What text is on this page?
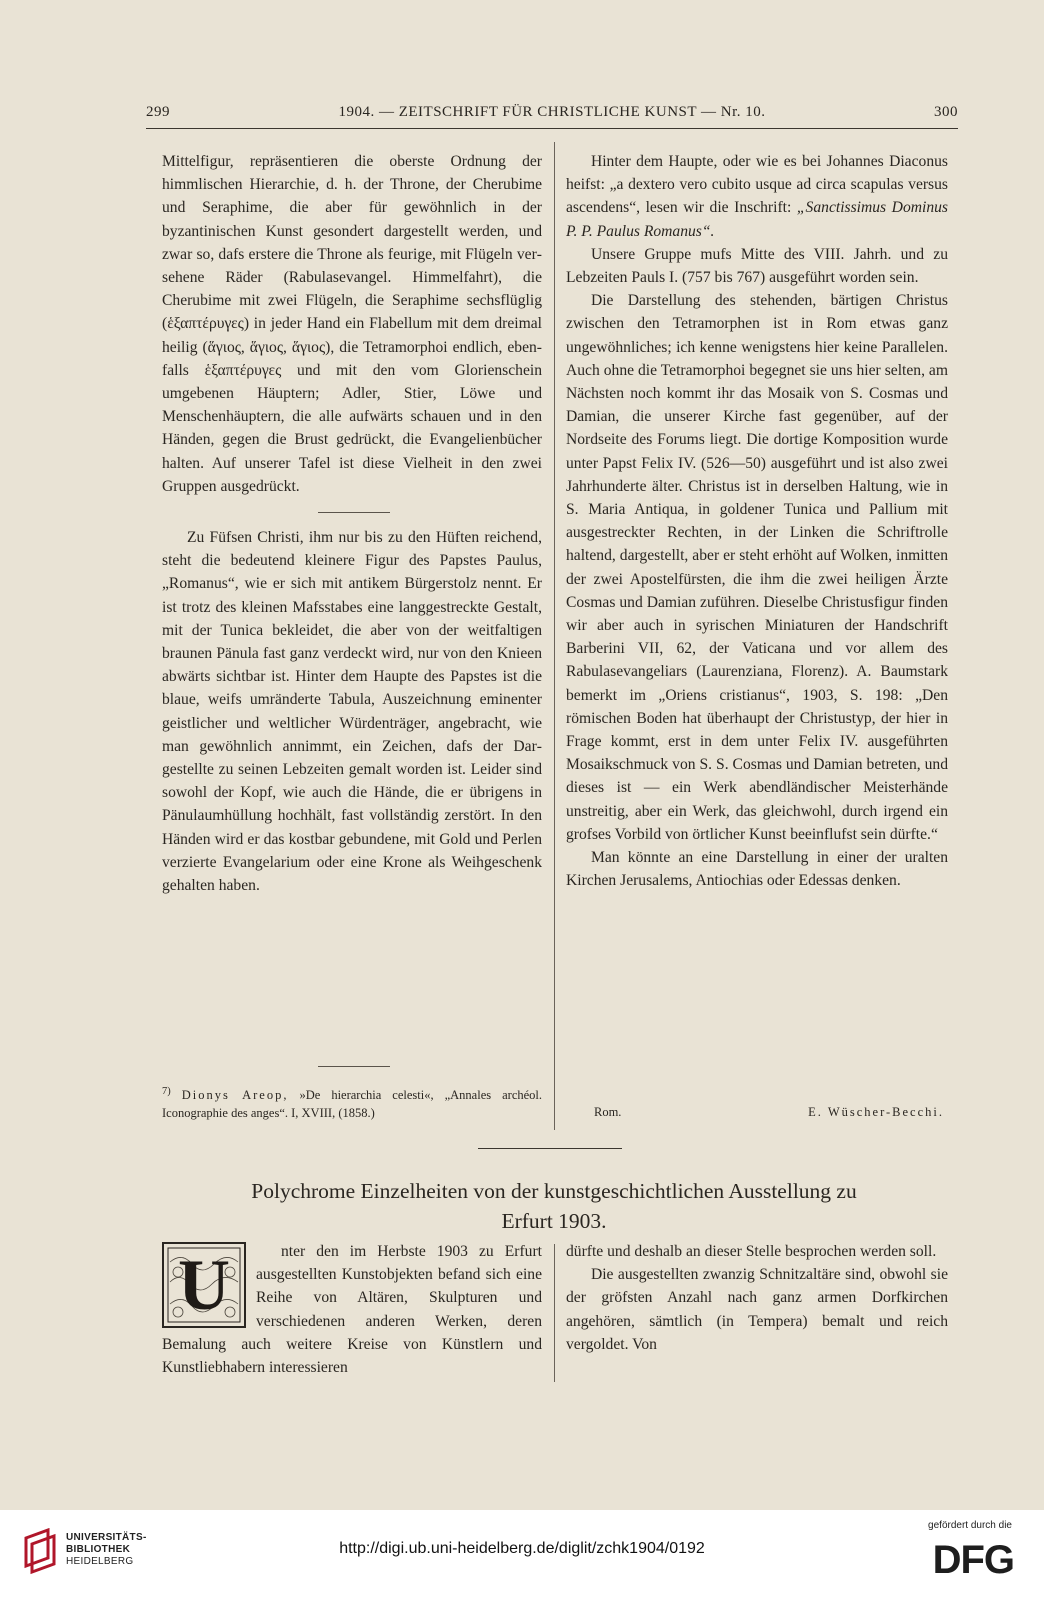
299	1904. — ZEITSCHRIFT FÜR CHRISTLICHE KUNST — Nr. 10.	300

Mittelfigur, repräsentieren die oberste Ordnung der himmlischen Hierarchie, d. h. der Throne, der Cherubime und Seraphime, die aber für gewöhnlich in der byzantinischen Kunst gesondert dargestellt werden, und zwar so, dafs erstere die Throne als feurige, mit Flügeln versehene Räder (Rabulasevangel. Himmelfahrt), die Cherubime mit zwei Flügeln, die Seraphime sechsflüglig (ἑξαπτέρυγες) in jeder Hand ein Flabellum mit dem dreimal heilig (ἅγιος, ἅγιος, ἅγιος), die Tetramorphoi endlich, ebenfalls ἑξαπτέρυγες und mit den vom Glorienschein umgebenen Häuptern; Adler, Stier, Löwe und Menschenhäuptern, die alle aufwärts schauen und in den Händen, gegen die Brust gedrückt, die Evangelienbücher halten. Auf unserer Tafel ist diese Vielheit in den zwei Gruppen ausgedrückt.

Zu Füfsen Christi, ihm nur bis zu den Hüften reichend, steht die bedeutend kleinere Figur des Papstes Paulus, „Romanus“, wie er sich mit antikem Bürgerstolz nennt. Er ist trotz des kleinen Mafsstabes eine langgestreckte Gestalt, mit der Tunica bekleidet, die aber von der weitfaltigen braunen Pänula fast ganz verdeckt wird, nur von den Knieen abwärts sichtbar ist. Hinter dem Haupte des Papstes ist die blaue, weifs umränderte Tabula, Auszeichnung eminenter geistlicher und weltlicher Würdenträger, angebracht, wie man gewöhnlich annimmt, ein Zeichen, dafs der Dargestellte zu seinen Lebzeiten gemalt worden ist. Leider sind sowohl der Kopf, wie auch die Hände, die er übrigens in Pänulaumhüllung hochhält, fast vollständig zerstört. In den Händen wird er das kostbar gebundene, mit Gold und Perlen verzierte Evangelarium oder eine Krone als Weihgeschenk gehalten haben.

$^{7)}$ Dionys Areop, »De hierarchia celesti«, „Annales archéol. Iconographie des anges“. I, XVIII, (1858.)

Hinter dem Haupte, oder wie es bei Johannes Diaconus heifst: „a dextero vero cubito usque ad circa scapulas versus ascendens“, lesen wir die Inschrift: „Sanctissimus Dominus P. P. Paulus Romanus“.

Unsere Gruppe mufs Mitte des VIII. Jahrh. und zu Lebzeiten Pauls I. (757 bis 767) ausgeführt worden sein.

Die Darstellung des stehenden, bärtigen Christus zwischen den Tetramorphen ist in Rom etwas ganz ungewöhnliches; ich kenne wenigstens hier keine Parallelen. Auch ohne die Tetramorphoi begegnet sie uns hier selten, am Nächsten noch kommt ihr das Mosaik von S. Cosmas und Damian, die unserer Kirche fast gegenüber, auf der Nordseite des Forums liegt. Die dortige Komposition wurde unter Papst Felix IV. (526—50) ausgeführt und ist also zwei Jahrhunderte älter. Christus ist in derselben Haltung, wie in S. Maria Antiqua, in goldener Tunica und Pallium mit ausgestreckter Rechten, in der Linken die Schriftrolle haltend, dargestellt, aber er steht erhöht auf Wolken, inmitten der zwei Apostelfürsten, die ihm die zwei heiligen Ärzte Cosmas und Damian zuführen. Dieselbe Christusfigur finden wir aber auch in syrischen Miniaturen der Handschrift Barberini VII, 62, der Vaticana und vor allem des Rabulasevangeliars (Laurenziana, Florenz). A. Baumstark bemerkt im „Oriens cristianus“, 1903, S. 198: „Den römischen Boden hat überhaupt der Christustyp, der hier in Frage kommt, erst in dem unter Felix IV. ausgeführten Mosaikschmuck von S. S. Cosmas und Damian betreten, und dieses ist — ein Werk abendländischer Meisterhände unstreitig, aber ein Werk, das gleichwohl, durch irgend ein grofses Vorbild von örtlicher Kunst beeinflufst sein dürfte.“

Man könnte an eine Darstellung in einer der uralten Kirchen Jerusalems, Antiochias oder Edessas denken.

Rom.	E. Wüscher-Becchi.
Polychrome Einzelheiten von der kunstgeschichtlichen Ausstellung zu
Erfurt 1903.
U	nter den im Herbste 1903 zu Erfurt ausgestellten Kunstobjekten befand sich eine Reihe von Altären, Skulpturen und verschiedenen anderen Werken, deren Bemalung auch weitere Kreise von Künstlern und Kunstliebhabern interessieren

dürfte und deshalb an dieser Stelle besprochen werden soll.

Die ausgestellten zwanzig Schnitzaltäre sind, obwohl sie der gröfsten Anzahl nach ganz armen Dorfkirchen angehören, sämtlich (in Tempera) bemalt und reich vergoldet. Von

UNIVERSITÄTS-
BIBLIOTHEK
HEIDELBERG
http://digi.ub.uni-heidelberg.de/diglit/zchk1904/0192
gefördert durch die
DFG
